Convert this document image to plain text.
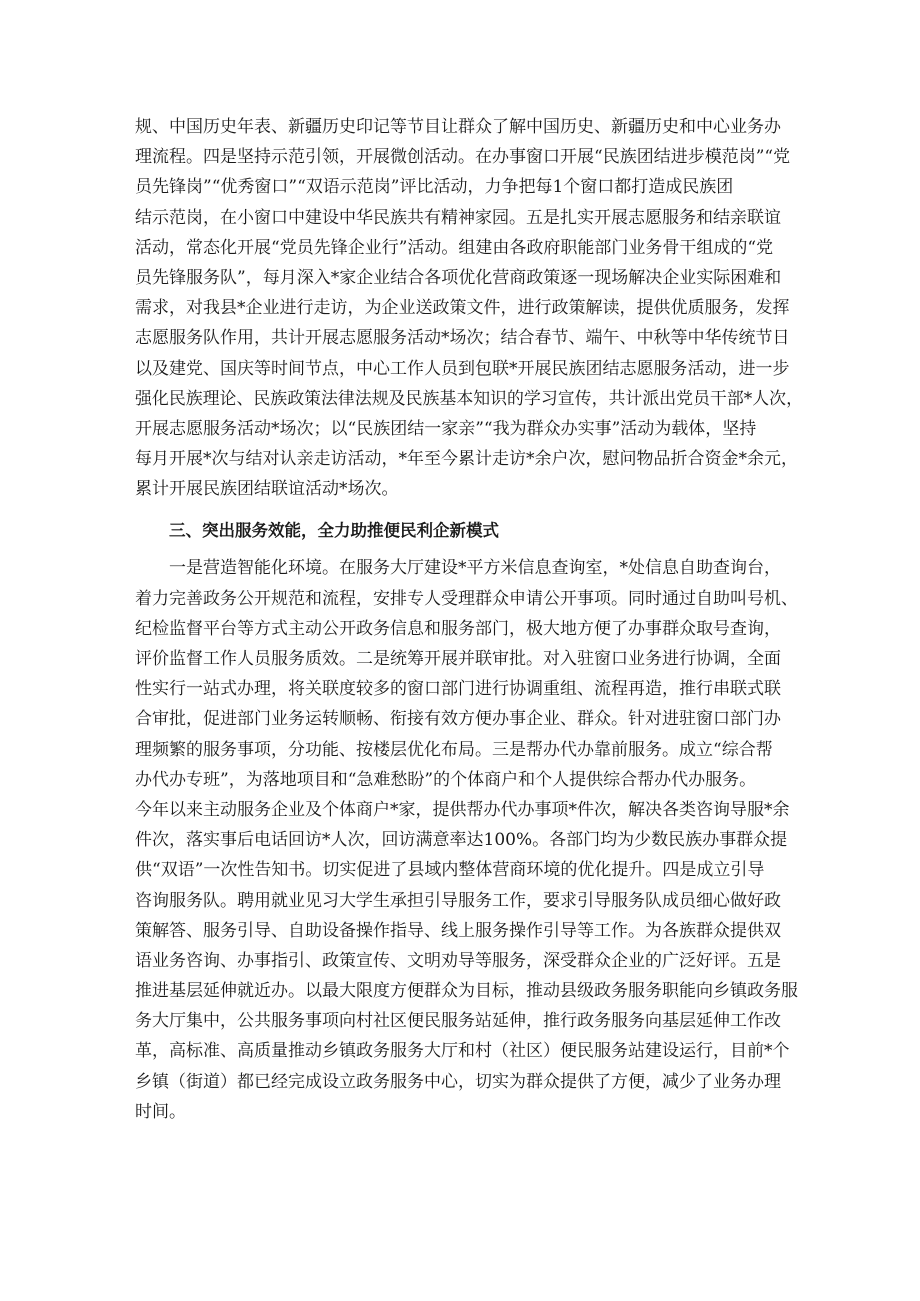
规、中国历史年表、新疆历史印记等节目让群众了解中国历史、新疆历史和中心业务办
理流程。四是坚持示范引领，开展微创活动。在办事窗口开展“民族团结进步模范岗”“党
员先锋岗”“优秀窗口”“双语示范岗”评比活动，力争把每1个窗口都打造成民族团
结示范岗，在小窗口中建设中华民族共有精神家园。五是扎实开展志愿服务和结亲联谊
活动，常态化开展“党员先锋企业行”活动。组建由各政府职能部门业务骨干组成的“党
员先锋服务队”，每月深入*家企业结合各项优化营商政策逐一现场解决企业实际困难和
需求，对我县*企业进行走访，为企业送政策文件，进行政策解读，提供优质服务，发挥
志愿服务队作用，共计开展志愿服务活动*场次；结合春节、端午、中秋等中华传统节日
以及建党、国庆等时间节点，中心工作人员到包联*开展民族团结志愿服务活动，进一步
强化民族理论、民族政策法律法规及民族基本知识的学习宣传，共计派出党员干部*人次，
开展志愿服务活动*场次；以“民族团结一家亲”“我为群众办实事”活动为载体，坚持
每月开展*次与结对认亲走访活动，*年至今累计走访*余户次，慰问物品折合资金*余元，
累计开展民族团结联谊活动*场次。
三、突出服务效能，全力助推便民利企新模式
一是营造智能化环境。在服务大厅建设*平方米信息查询室，*处信息自助查询台，
着力完善政务公开规范和流程，安排专人受理群众申请公开事项。同时通过自助叫号机、
纪检监督平台等方式主动公开政务信息和服务部门，极大地方便了办事群众取号查询，
评价监督工作人员服务质效。二是统筹开展并联审批。对入驻窗口业务进行协调，全面
性实行一站式办理，将关联度较多的窗口部门进行协调重组、流程再造，推行串联式联
合审批，促进部门业务运转顺畅、衔接有效方便办事企业、群众。针对进驻窗口部门办
理频繁的服务事项，分功能、按楼层优化布局。三是帮办代办靠前服务。成立“综合帮
办代办专班”，为落地项目和“急难愁盼”的个体商户和个人提供综合帮办代办服务。
今年以来主动服务企业及个体商户*家，提供帮办代办事项*件次，解决各类咨询导服*余
件次，落实事后电话回访*人次，回访满意率达100%。各部门均为少数民族办事群众提
供“双语”一次性告知书。切实促进了县域内整体营商环境的优化提升。四是成立引导
咨询服务队。聘用就业见习大学生承担引导服务工作，要求引导服务队成员细心做好政
策解答、服务引导、自助设备操作指导、线上服务操作引导等工作。为各族群众提供双
语业务咨询、办事指引、政策宣传、文明劝导等服务，深受群众企业的广泛好评。五是
推进基层延伸就近办。以最大限度方便群众为目标，推动县级政务服务职能向乡镇政务服
务大厅集中，公共服务事项向村社区便民服务站延伸，推行政务服务向基层延伸工作改
革，高标准、高质量推动乡镇政务服务大厅和村（社区）便民服务站建设运行，目前*个
乡镇（街道）都已经完成设立政务服务中心，切实为群众提供了方便，减少了业务办理
时间。
